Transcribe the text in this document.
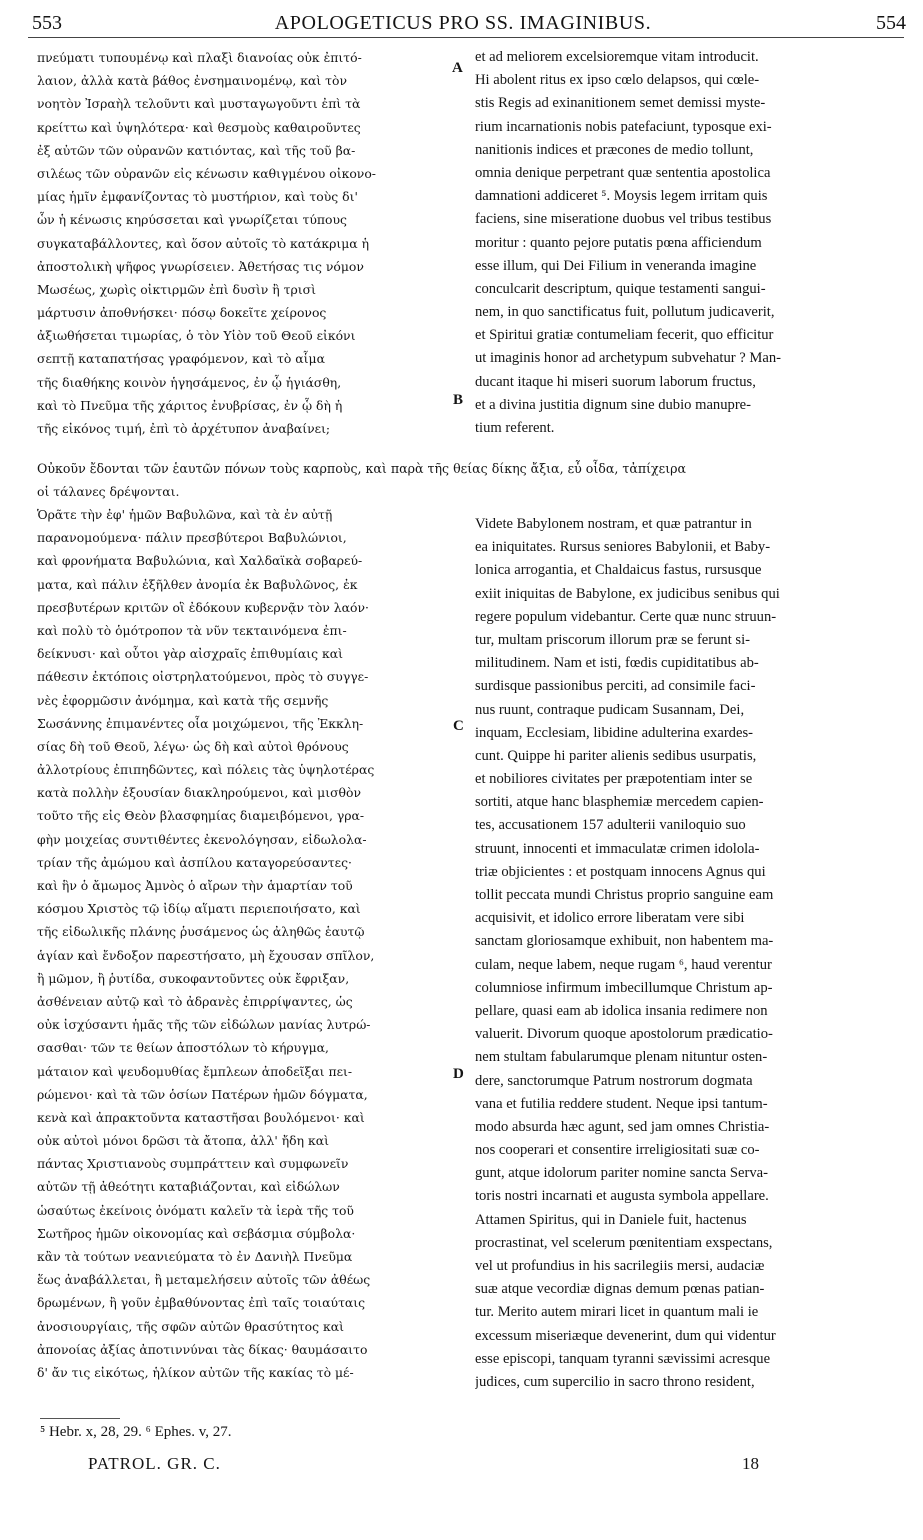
553	APOLOGETICUS PRO SS. IMAGINIBUS.	554
πνεύματι τυπουμένῳ καὶ πλαξὶ διανοίας οὐκ ἐπιτό-
λαιον, ἀλλὰ κατὰ βάθος ἐνσημαινομένῳ, καὶ τὸν
νοητὸν Ἰσραὴλ τελοῦντι καὶ μυσταγωγοῦντι ἐπὶ τὰ
κρείττω καὶ ὑψηλότερα· καὶ θεσμοὺς καθαιροῦντες
ἐξ αὐτῶν τῶν οὐρανῶν κατιόντας, καὶ τῆς τοῦ βα-
σιλέως τῶν οὐρανῶν εἰς κένωσιν καθιγμένου οἰκονο-
μίας ἡμῖν ἐμφανίζοντας τὸ μυστήριον, καὶ τοὺς δι'
ὧν ἡ κένωσις κηρύσσεται καὶ γνωρίζεται τύπους
συγκαταβάλλοντες, καὶ ὅσον αὐτοῖς τὸ κατάκριμα ἡ
ἀποστολικὴ ψῆφος γνωρίσειεν. Ἀθετήσας τις νόμον
Μωσέως, χωρὶς οἰκτιρμῶν ἐπὶ δυσὶν ἢ τρισὶ
μάρτυσιν ἀποθνήσκει· πόσῳ δοκεῖτε χείρονος
ἀξιωθήσεται τιμωρίας, ὁ τὸν Υἱὸν τοῦ Θεοῦ εἰκόνι
σεπτῇ καταπατήσας γραφόμενον, καὶ τὸ αἷμα
τῆς διαθήκης κοινὸν ἡγησάμενος, ἐν ᾧ ἡγιάσθη,
καὶ τὸ Πνεῦμα τῆς χάριτος ἐνυβρίσας, ἐν ᾧ δὴ ἡ
τῆς εἰκόνος τιμή, ἐπὶ τὸ ἀρχέτυπον ἀναβαίνει;
et ad meliorem excelsioremque vitam introducit.
Hi abolent ritus ex ipso cœlo delapsos, qui cœle-
stis Regis ad exinanitionem semet demissi myste-
rium incarnationis nobis patefaciunt, typosque exi-
nanitionis indices et præcones de medio tollunt,
omnia denique perpetrant quæ sententia apostolica
damnationi addiceret ⁵. Moysis legem irritam quis
faciens, sine miseratione duobus vel tribus testibus
moritur : quanto pejore putatis pœna afficiendum
esse illum, qui Dei Filium in veneranda imagine
conculcarit descriptum, quique testamenti sangui-
nem, in quo sanctificatus fuit, pollutum judicaverit,
et Spiritui gratiæ contumeliam fecerit, quo efficitur
ut imaginis honor ad archetypum subvehatur ? Man-
ducant itaque hi miseri suorum laborum fructus,
et a divina justitia dignum sine dubio manupre-
tium referent.
Οὐκοῦν ἔδονται τῶν ἑαυτῶν πόνων τοὺς καρποὺς, καὶ παρὰ τῆς θείας δίκης ἄξια, εὖ οἶδα, τἀπίχειρα
οἱ τάλανες δρέψονται.
Ὁρᾶτε τὴν ἐφ' ἡμῶν Βαβυλῶνα, καὶ τὰ ἐν αὐτῇ
παρανομούμενα· πάλιν πρεσβύτεροι Βαβυλώνιοι,
καὶ φρονήματα Βαβυλώνια, καὶ Χαλδαϊκὰ σοβαρεύ-
ματα, καὶ πάλιν ἐξῆλθεν ἀνομία ἐκ Βαβυλῶνος, ἐκ
πρεσβυτέρων κριτῶν οἳ ἐδόκουν κυβερνᾷν τὸν λαόν·
καὶ πολὺ τὸ ὁμότροπον τὰ νῦν τεκταινόμενα ἐπι-
δείκνυσι· καὶ οὗτοι γὰρ αἰσχραῖς ἐπιθυμίαις καὶ
πάθεσιν ἐκτόποις οἰστρηλατούμενοι, πρὸς τὸ συγγε-
νὲς ἐφορμῶσιν ἀνόμημα, καὶ κατὰ τῆς σεμνῆς
Σωσάννης ἐπιμανέντες οἷα μοιχώμενοι, τῆς Ἐκκλη-
σίας δὴ τοῦ Θεοῦ, λέγω· ὡς δὴ καὶ αὐτοὶ θρόνους
ἀλλοτρίους ἐπιπηδῶντες, καὶ πόλεις τὰς ὑψηλοτέρας
κατὰ πολλὴν ἐξουσίαν διακληρούμενοι, καὶ μισθὸν
τοῦτο τῆς εἰς Θεὸν βλασφημίας διαμειβόμενοι, γρα-
φὴν μοιχείας συντιθέντες ἐκενολόγησαν, εἰδωλολα-
τρίαν τῆς ἀμώμου καὶ ἀσπίλου καταγορεύσαντες·
καὶ ἣν ὁ ἄμωμος Ἀμνὸς ὁ αἴρων τὴν ἁμαρτίαν τοῦ
κόσμου Χριστὸς τῷ ἰδίῳ αἵματι περιεποιήσατο, καὶ
τῆς εἰδωλικῆς πλάνης ῥυσάμενος ὡς ἀληθῶς ἑαυτῷ
ἁγίαν καὶ ἔνδοξον παρεστήσατο, μὴ ἔχουσαν σπῖλον,
ἢ μῶμον, ἢ ῥυτίδα, συκοφαντοῦντες οὐκ ἔφριξαν,
ἀσθένειαν αὐτῷ καὶ τὸ ἀδρανὲς ἐπιρρίψαντες, ὡς
οὐκ ἰσχύσαντι ἡμᾶς τῆς τῶν εἰδώλων μανίας λυτρώ-
σασθαι· τῶν τε θείων ἀποστόλων τὸ κήρυγμα,
μάταιον καὶ ψευδομυθίας ἔμπλεων ἀποδεῖξαι πει-
ρώμενοι· καὶ τὰ τῶν ὁσίων Πατέρων ἡμῶν δόγματα,
κενὰ καὶ ἀπρακτοῦντα καταστῆσαι βουλόμενοι· καὶ
οὐκ αὐτοὶ μόνοι δρῶσι τὰ ἄτοπα, ἀλλ' ἤδη καὶ
πάντας Χριστιανοὺς συμπράττειν καὶ συμφωνεῖν
αὐτῶν τῇ ἀθεότητι καταβιάζονται, καὶ εἰδώλων
ὡσαύτως ἐκείνοις ὀνόματι καλεῖν τὰ ἱερὰ τῆς τοῦ
Σωτῆρος ἡμῶν οἰκονομίας καὶ σεβάσμια σύμβολα·
κἂν τὰ τούτων νεανιεύματα τὸ ἐν Δανιὴλ Πνεῦμα
ἕως ἀναβάλλεται, ἢ μεταμελήσειν αὐτοῖς τῶν ἀθέως
δρωμένων, ἢ γοῦν ἐμβαθύνοντας ἐπὶ ταῖς τοιαύταις
ἀνοσιουργίαις, τῆς σφῶν αὐτῶν θρασύτητος καὶ
ἀπονοίας ἀξίας ἀποτιννύναι τὰς δίκας· θαυμάσαιτο
δ' ἄν τις εἰκότως, ἡλίκον αὐτῶν τῆς κακίας τὸ μέ-
Videte Babylonem nostram, et quæ patrantur in
ea iniquitates. Rursus seniores Babylonii, et Baby-
lonica arrogantia, et Chaldaicus fastus, rursusque
exiit iniquitas de Babylone, ex judicibus senibus qui
regere populum videbantur. Certe quæ nunc struun-
tur, multam priscorum illorum præ se ferunt si-
militudinem. Nam et isti, fœdis cupiditatibus ab-
surdisque passionibus perciti, ad consimile faci-
nus ruunt, contraque pudicam Susannam, Dei,
inquam, Ecclesiam, libidine adulterina exardes-
cunt. Quippe hi pariter alienis sedibus usurpatis,
et nobiliores civitates per præpotentiam inter se
sortiti, atque hanc blasphemiæ mercedem capien-
tes, accusationem 157 adulterii vaniloquio suo
struunt, innocenti et immaculatæ crimen idolola-
triæ objicientes : et postquam innocens Agnus qui
tollit peccata mundi Christus proprio sanguine eam
acquisivit, et idolico errore liberatam vere sibi
sanctam gloriosamque exhibuit, non habentem ma-
culam, neque labem, neque rugam ⁶, haud verentur
columniose infirmum imbecillumque Christum ap-
pellare, quasi eam ab idolica insania redimere non
valuerit. Divorum quoque apostolorum prædicatio-
nem stultam fabularumque plenam nituntur osten-
dere, sanctorumque Patrum nostrorum dogmata
vana et futilia reddere student. Neque ipsi tantum-
modo absurda hæc agunt, sed jam omnes Christia-
nos cooperari et consentire irreligiositati suæ co-
gunt, atque idolorum pariter nomine sancta Serva-
toris nostri incarnati et augusta symbola appellare.
Attamen Spiritus, qui in Daniele fuit, hactenus
procrastinat, vel scelerum pœnitentiam exspectans,
vel ut profundius in his sacrilegiis mersi, audaciæ
suæ atque vecordiæ dignas demum pœnas patian-
tur. Merito autem mirari licet in quantum mali ie
excessum miseriæque devenerint, dum qui videntur
esse episcopi, tanquam tyranni sævissimi acresque
judices, cum supercilio in sacro throno resident,
A
B
C
D
⁵ Hebr. x, 28, 29. ⁶ Ephes. v, 27.
PATROL. GR. C.	18
